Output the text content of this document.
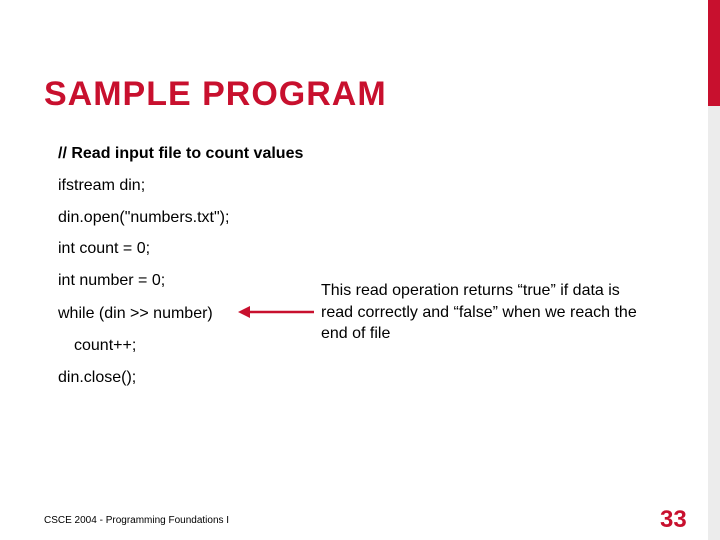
SAMPLE PROGRAM
// Read input file to count values
ifstream din;
din.open("numbers.txt");
int count = 0;
int number = 0;
while (din >> number)
count++;
din.close();
This read operation returns “true” if data is read correctly and “false” when we reach the end of file
CSCE 2004 - Programming Foundations I	33
